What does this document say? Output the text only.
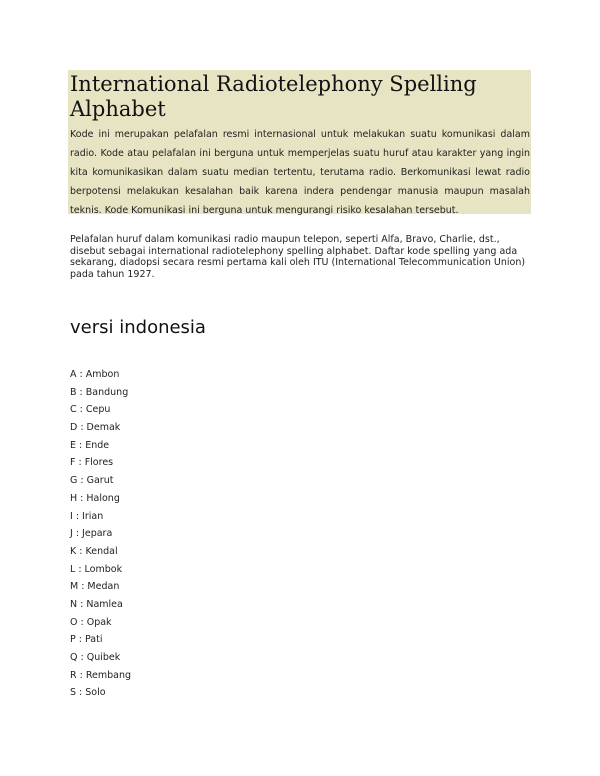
International Radiotelephony Spelling Alphabet

Kode ini merupakan pelafalan resmi internasional untuk melakukan suatu komunikasi dalam radio. Kode atau pelafalan ini berguna untuk memperjelas suatu huruf atau karakter yang ingin kita komunikasikan dalam suatu median tertentu, terutama radio. Berkomunikasi lewat radio berpotensi melakukan kesalahan baik karena indera pendengar manusia maupun masalah teknis. Kode Komunikasi ini berguna untuk mengurangi risiko kesalahan tersebut.

Pelafalan huruf dalam komunikasi radio maupun telepon, seperti Alfa, Bravo, Charlie, dst., disebut sebagai international radiotelephony spelling alphabet. Daftar kode spelling yang ada sekarang, diadopsi secara resmi pertama kali oleh ITU (International Telecommunication Union) pada tahun 1927.

versi indonesia
A : Ambon
B : Bandung
C : Cepu
D : Demak
E : Ende
F : Flores
G : Garut
H : Halong
I : Irian
J : Jepara
K : Kendal
L : Lombok
M : Medan
N : Namlea
O : Opak
P : Pati
Q : Quibek
R : Rembang
S : Solo
